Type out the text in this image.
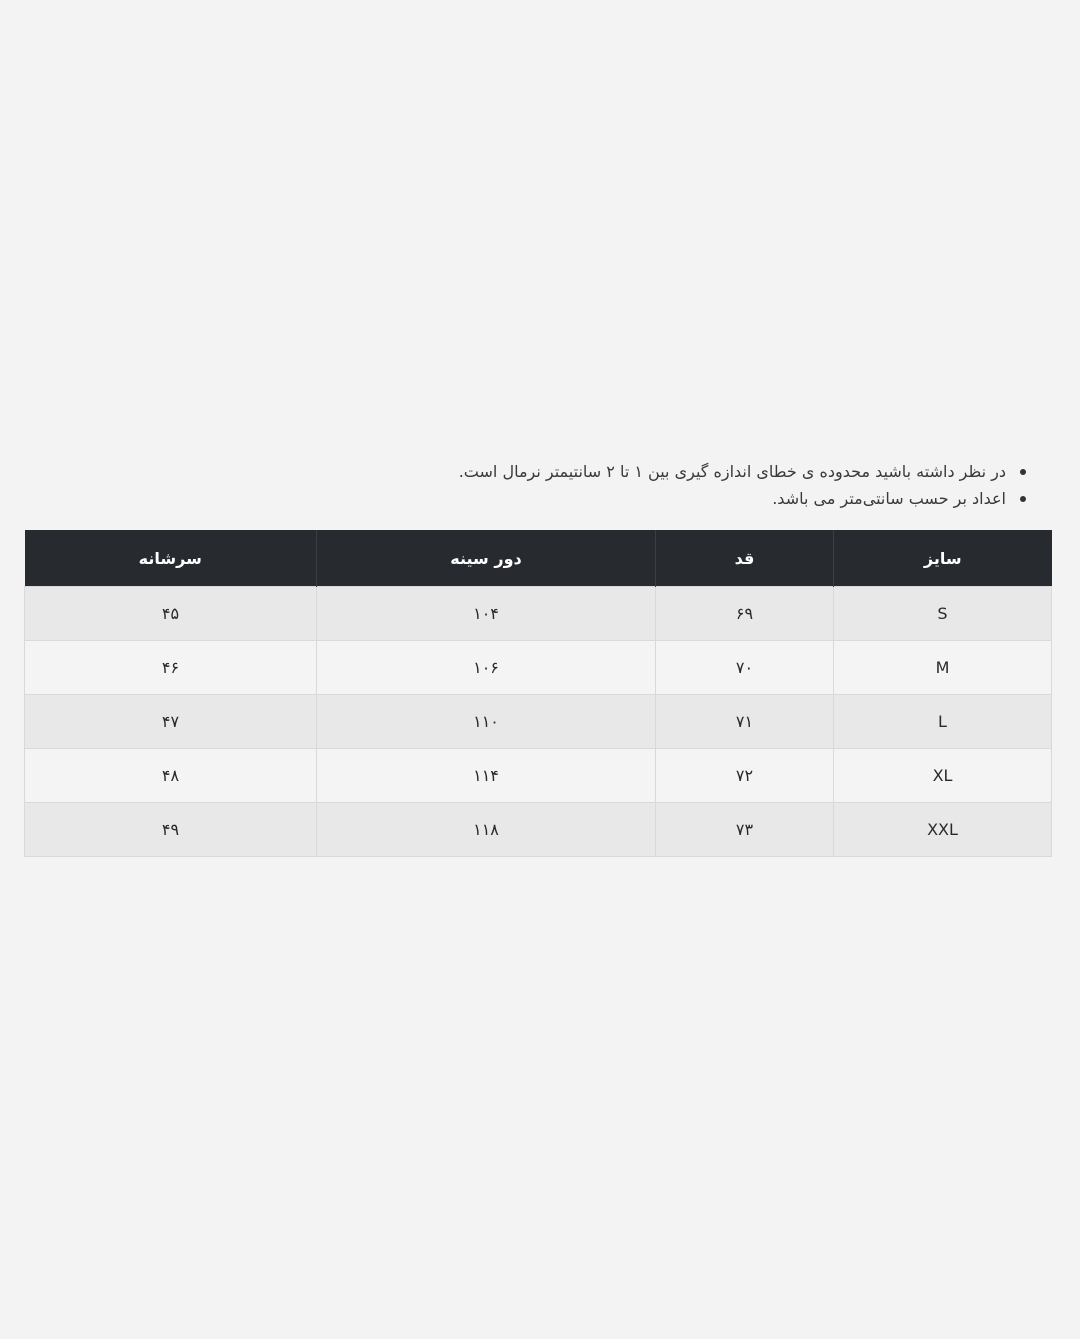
در نظر داشته باشید محدوده ی خطای اندازه گیری بین ۱ تا ۲ سانتیمتر نرمال است.
اعداد بر حسب سانتی‌متر می باشد.
سایز	قد	دور سینه	سرشانه
S	۶۹	۱۰۴	۴۵
M	۷۰	۱۰۶	۴۶
L	۷۱	۱۱۰	۴۷
XL	۷۲	۱۱۴	۴۸
XXL	۷۳	۱۱۸	۴۹
